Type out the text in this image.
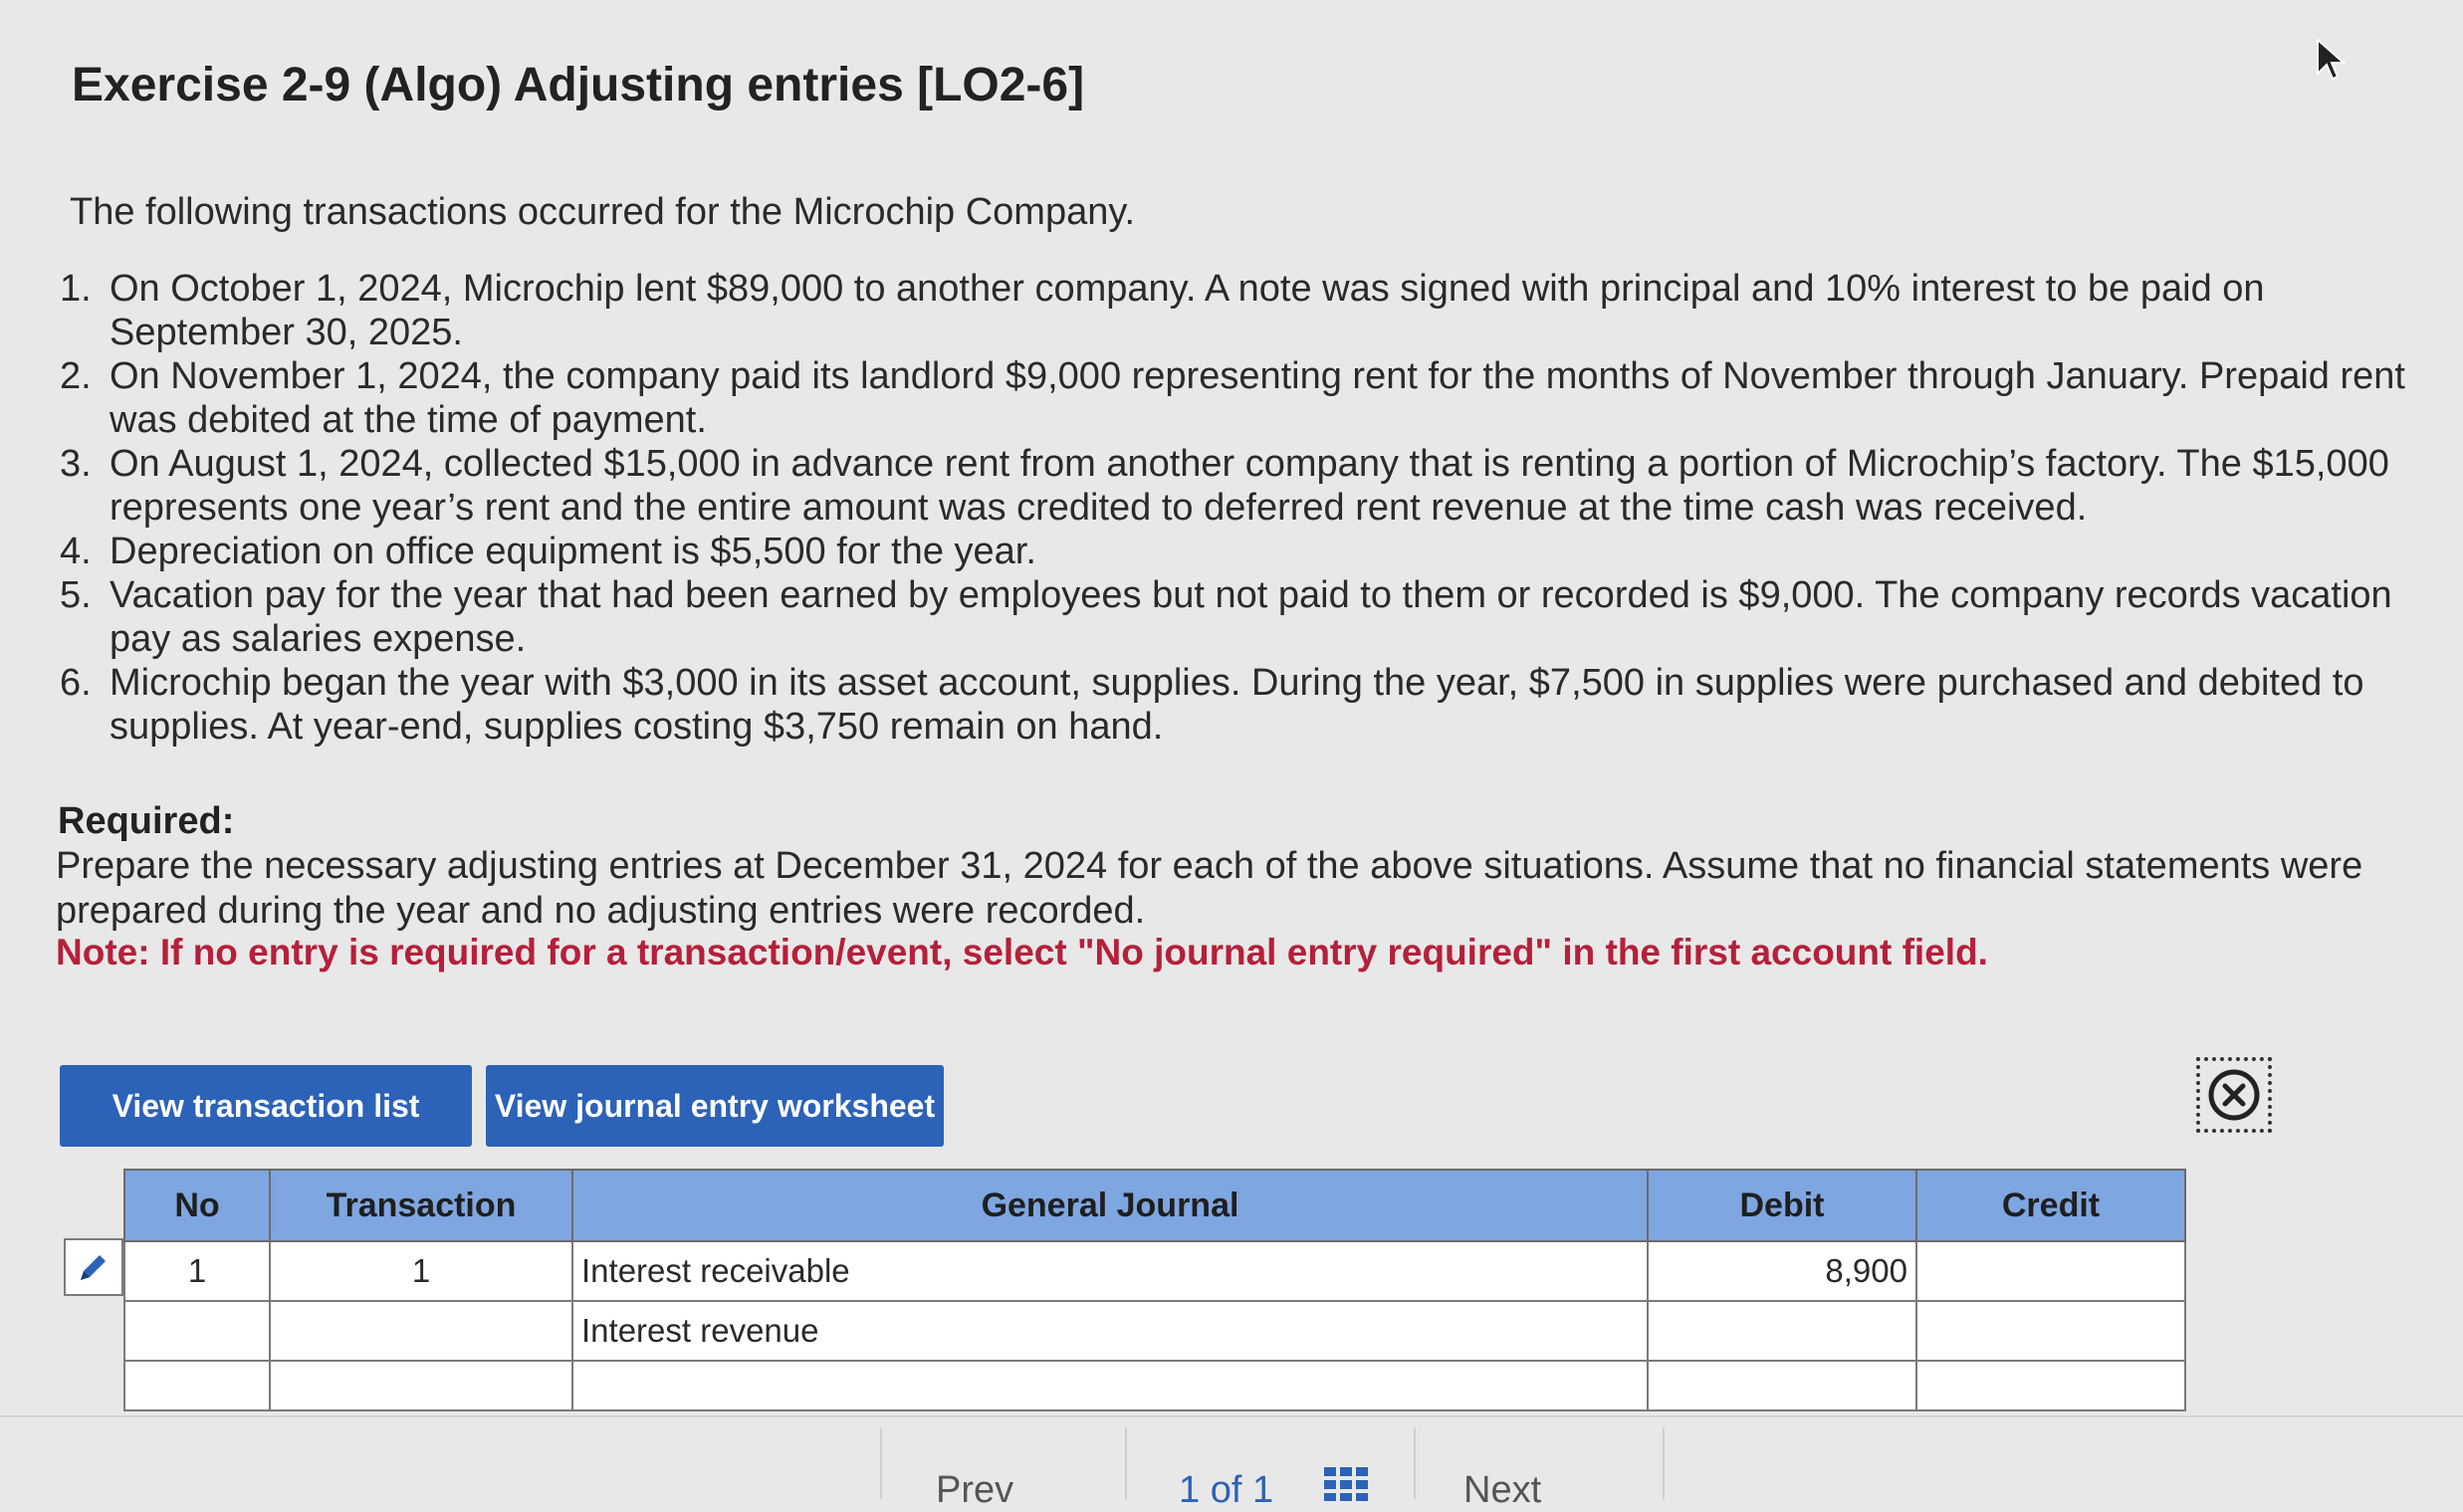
Exercise 2-9 (Algo) Adjusting entries [LO2-6]
The following transactions occurred for the Microchip Company.
1. On October 1, 2024, Microchip lent $89,000 to another company. A note was signed with principal and 10% interest to be paid on September 30, 2025.
2. On November 1, 2024, the company paid its landlord $9,000 representing rent for the months of November through January. Prepaid rent was debited at the time of payment.
3. On August 1, 2024, collected $15,000 in advance rent from another company that is renting a portion of Microchip’s factory. The $15,000 represents one year’s rent and the entire amount was credited to deferred rent revenue at the time cash was received.
4. Depreciation on office equipment is $5,500 for the year.
5. Vacation pay for the year that had been earned by employees but not paid to them or recorded is $9,000. The company records vacation pay as salaries expense.
6. Microchip began the year with $3,000 in its asset account, supplies. During the year, $7,500 in supplies were purchased and debited to supplies. At year-end, supplies costing $3,750 remain on hand.
Required:
Prepare the necessary adjusting entries at December 31, 2024 for each of the above situations. Assume that no financial statements were prepared during the year and no adjusting entries were recorded.
Note: If no entry is required for a transaction/event, select "No journal entry required" in the first account field.
View transaction list	View journal entry worksheet
No	Transaction	General Journal	Debit	Credit
1	1	Interest receivable	8,900	
		Interest revenue		

Prev	1 of 1	Next
